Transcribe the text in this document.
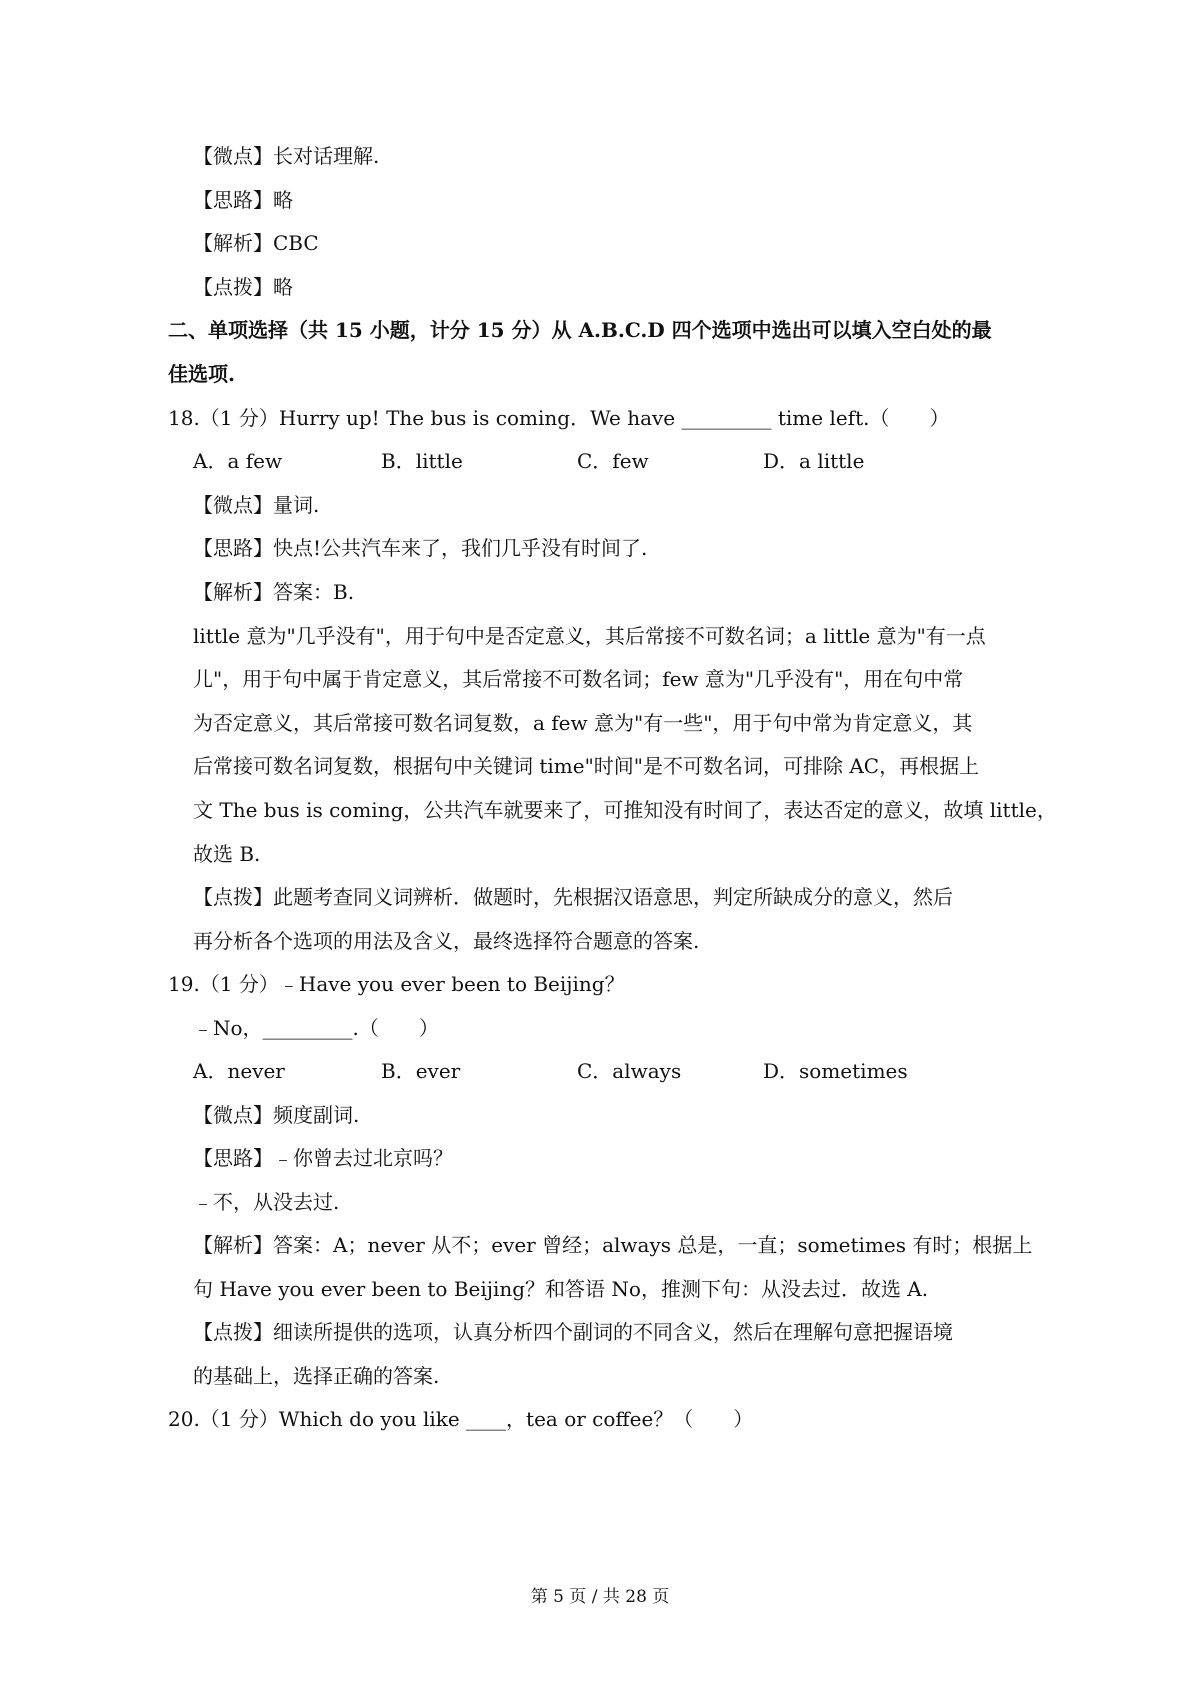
【微点】长对话理解.
【思路】略
【解析】CBC
【点拨】略
二、单项选择（共 15 小题，计分 15 分）从 A.B.C.D 四个选项中选出可以填入空白处的最
佳选项.
18.（1 分）Hurry up! The bus is coming．We have _________ time left.（　　）
A．a few	B．little	C．few	D．a little
【微点】量词.
【思路】快点!公共汽车来了，我们几乎没有时间了.
【解析】答案：B.
little 意为"几乎没有"，用于句中是否定意义，其后常接不可数名词；a little 意为"有一点
儿"，用于句中属于肯定意义，其后常接不可数名词；few 意为"几乎没有"，用在句中常
为否定意义，其后常接可数名词复数，a few 意为"有一些"，用于句中常为肯定意义，其
后常接可数名词复数，根据句中关键词 time"时间"是不可数名词，可排除 AC，再根据上
文 The bus is coming，公共汽车就要来了，可推知没有时间了，表达否定的意义，故填 little，
故选 B.
【点拨】此题考查同义词辨析．做题时，先根据汉语意思，判定所缺成分的意义，然后
再分析各个选项的用法及含义，最终选择符合题意的答案.
19.（1 分）﹣Have you ever been to Beijing？
﹣No，_________.（　　）
A．never	B．ever	C．always	D．sometimes
【微点】频度副词.
【思路】﹣你曾去过北京吗？
﹣不，从没去过.
【解析】答案：A；never 从不；ever 曾经；always 总是，一直；sometimes 有时；根据上
句 Have you ever been to Beijing？和答语 No，推测下句：从没去过．故选 A.
【点拨】细读所提供的选项，认真分析四个副词的不同含义，然后在理解句意把握语境
的基础上，选择正确的答案.
20.（1 分）Which do you like ____，tea or coffee？（　　）
第 5 页 / 共 28 页
